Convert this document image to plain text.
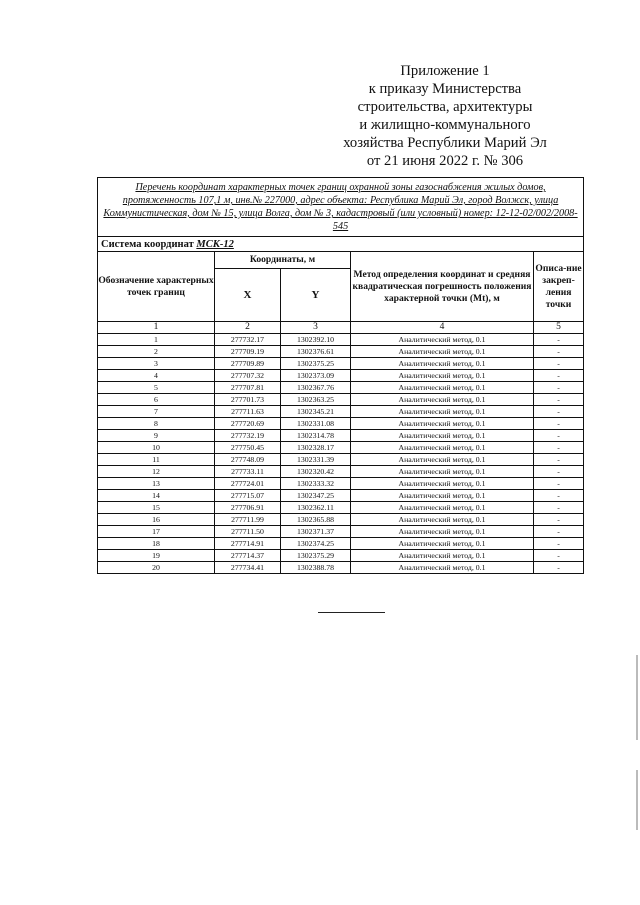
Приложение 1
к приказу Министерства
строительства, архитектуры
и жилищно-коммунального
хозяйства Республики Марий Эл
от 21 июня 2022 г. № 306
Перечень координат характерных точек границ охранной зоны газоснабжения жилых домов, протяженность 107,1 м, инв.№ 227000, адрес объекта: Республика Марий Эл, город Волжск, улица Коммунистическая, дом № 15, улица Волга, дом № 3, кадастровый (или условный) номер: 12-12-02/002/2008-545				
Система координат МСК-12				
Обозначение характерных точек границ	Координаты, м		Метод определения координат и средняя квадратическая погрешность положения характерной точки (Mt), м	Описа-ние закреп-ления точки
	X	Y		
1	2	3	4	5
1	277732.17	1302392.10	Аналитический метод, 0.1	-
2	277709.19	1302376.61	Аналитический метод, 0.1	-
3	277709.89	1302375.25	Аналитический метод, 0.1	-
4	277707.32	1302373.09	Аналитический метод, 0.1	-
5	277707.81	1302367.76	Аналитический метод, 0.1	-
6	277701.73	1302363.25	Аналитический метод, 0.1	-
7	277711.63	1302345.21	Аналитический метод, 0.1	-
8	277720.69	1302331.08	Аналитический метод, 0.1	-
9	277732.19	1302314.78	Аналитический метод, 0.1	-
10	277750.45	1302328.17	Аналитический метод, 0.1	-
11	277748.09	1302331.39	Аналитический метод, 0.1	-
12	277733.11	1302320.42	Аналитический метод, 0.1	-
13	277724.01	1302333.32	Аналитический метод, 0.1	-
14	277715.07	1302347.25	Аналитический метод, 0.1	-
15	277706.91	1302362.11	Аналитический метод, 0.1	-
16	277711.99	1302365.88	Аналитический метод, 0.1	-
17	277711.50	1302371.37	Аналитический метод, 0.1	-
18	277714.91	1302374.25	Аналитический метод, 0.1	-
19	277714.37	1302375.29	Аналитический метод, 0.1	-
20	277734.41	1302388.78	Аналитический метод, 0.1	-
